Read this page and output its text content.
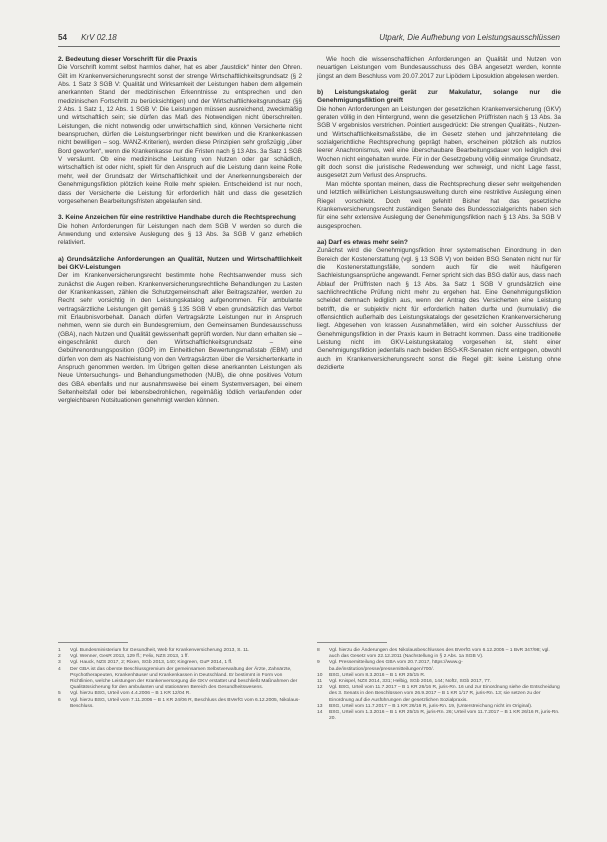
54 KrV 02.18	Utpark, Die Aufhebung von Leistungsausschlüssen
2. Bedeutung dieser Vorschrift für die Praxis

Die Vorschrift kommt selbst harmlos daher, hat es aber „faustdick“ hinter den Ohren. Gilt im Krankenversicherungsrecht sonst der strenge Wirtschaftlichkeitsgrundsatz (§ 2 Abs. 1 Satz 3 SGB V: Qualität und Wirksamkeit der Leistungen haben dem allgemein anerkannten Stand der medizinischen Erkenntnisse zu entsprechen und den medizinischen Fortschritt zu berücksichtigen) und der Wirtschaftlichkeitsgrundsatz (§§ 2 Abs. 1 Satz 1, 12 Abs. 1 SGB V: Die Leistungen müssen ausreichend, zweckmäßig und wirtschaftlich sein; sie dürfen das Maß des Notwendigen nicht überschreiten. Leistungen, die nicht notwendig oder unwirtschaftlich sind, können Versicherte nicht beanspruchen, dürfen die Leistungserbringer nicht bewirken und die Krankenkassen nicht bewilligen – sog. WANZ-Kriterien), werden diese Prinzipien sehr großzügig „über Bord geworfen“, wenn die Krankenkasse nur die Fristen nach § 13 Abs. 3a Satz 1 SGB V versäumt. Ob eine medizinische Leistung von Nutzen oder gar schädlich, wirtschaftlich ist oder nicht, spielt für den Anspruch auf die Leistung dann keine Rolle mehr, weil der Grundsatz der Wirtschaftlichkeit und der Anerkennungsbereich der Genehmigungsfiktion plötzlich keine Rolle mehr spielen. Entscheidend ist nur noch, dass der Versicherte die Leistung für erforderlich hält und dass die gesetzlich vorgesehenen Bearbeitungsfristen abgelaufen sind.

3. Keine Anzeichen für eine restriktive Handhabe durch die Rechtsprechung

Die hohen Anforderungen für Leistungen nach dem SGB V werden so durch die Anwendung und extensive Auslegung des § 13 Abs. 3a SGB V ganz erheblich relativiert.

a) Grundsätzliche Anforderungen an Qualität, Nutzen und Wirtschaftlichkeit bei GKV-Leistungen

Der im Krankenversicherungsrecht bestimmte hohe Rechtsanwender muss sich zunächst die Augen reiben. Krankenversicherungsrechtliche Behandlungen zu Lasten der Krankenkassen, zählen die Schutzgemeinschaft aller Beitragszahler, werden zu Recht sehr vorsichtig in den Leistungskatalog aufgenommen. Für ambulante vertragsärztliche Leistungen gilt gemäß § 135 SGB V eben grundsätzlich das Verbot mit Erlaubnisvorbehalt. Danach dürfen Vertragsärzte Leistungen nur in Anspruch nehmen, wenn sie durch ein Bundesgremium, den Gemeinsamen Bundesausschuss (GBA), nach Nutzen und Qualität gewissenhaft geprüft worden. Nur dann erhalten sie – eingeschränkt durch den Wirtschaftlichkeitsgrundsatz – eine Gebührenordnungsposition (GOP) im Einheitlichen Bewertungsmaßstab (EBM) und dürfen von dem als Nachleistung von den Vertragsärzten über die Versichertenkarte in Anspruch genommen werden. Im Übrigen gelten diese anerkannten Leistungen als Neue Untersuchungs- und Behandlungsmethoden (NUB), die ohne positives Votum des GBA ebenfalls und nur ausnahmsweise bei einem Systemversagen, bei einem Seltenheitsfall oder bei lebensbedrohlichen, regelmäßig tödlich verlaufenden oder vergleichbaren Notsituationen genehmigt werden können.

Wie hoch die wissenschaftlichen Anforderungen an Qualität und Nutzen von neuartigen Leistungen vom Bundesausschuss des GBA angesetzt werden, konnte jüngst an dem Beschluss vom 20.07.2017 zur Lipödem Liposuktion abgelesen werden.

b) Leistungskatalog gerät zur Makulatur, solange nur die Genehmigungsfiktion greift

Die hohen Anforderungen an Leistungen der gesetzlichen Krankenversicherung (GKV) geraten völlig in den Hintergrund, wenn die gesetzlichen Prüffristen nach § 13 Abs. 3a SGB V ergebnislos verstrichen. Pointiert ausgedrückt: Die strengen Qualitäts-, Nutzen- und Wirtschaftlichkeitsmaßstäbe, die im Gesetz stehen und jahrzehntelang die sozialgerichtliche Rechtsprechung geprägt haben, erscheinen plötzlich als nutzlos leerer Anachronismus, weil eine überschaubare Bearbeitungsdauer von lediglich drei Wochen nicht eingehalten wurde. Für in der Gesetzgebung völlig einmalige Grundsatz, gilt doch sonst die juristische Redewendung wer schweigt, und nicht Lage fasst, ausgesetzt zum Verlust des Anspruchs.

Man möchte spontan meinen, dass die Rechtsprechung dieser sehr weitgehenden und letztlich willkürlichen Leistungsausweitung durch eine restriktive Auslegung einen Riegel vorschiebt. Doch weit gefehlt! Bisher hat das gesetzliche Krankenversicherungsrecht zuständigen Senate des Bundessozialgerichts haben sich für eine sehr extensive Auslegung der Genehmigungsfiktion nach § 13 Abs. 3a SGB V ausgesprochen.

aa) Darf es etwas mehr sein?

Zunächst wird die Genehmigungsfiktion ihrer systematischen Einordnung in den Bereich der Kostenerstattung (vgl. § 13 SGB V) von beiden BSG Senaten nicht nur für die Kostenerstattungsfälle, sondern auch für die weit häufigeren Sachleistungsansprüche angewandt. Ferner spricht sich das BSG dafür aus, dass nach Ablauf der Prüffristen nach § 13 Abs. 3a Satz 1 SGB V grundsätzlich eine sachlichrechtliche Prüfung nicht mehr zu ergehen hat. Eine Genehmigungsfiktion scheidet demnach lediglich aus, wenn der Antrag des Versicherten eine Leistung betrifft, die er subjektiv nicht für erforderlich halten durfte und (kumulativ) die offensichtlich außerhalb des Leistungskatalogs der gesetzlichen Krankenversicherung liegt. Abgesehen von krassen Ausnahmefällen, wird ein solcher Ausschluss der Genehmigungsfiktion in der Praxis kaum in Betracht kommen. Dass eine traditionelle Leistung nicht im GKV-Leistungskatalog vorgesehen ist, steht einer Genehmigungsfiktion jedenfalls nach beiden BSG-KR-Senaten nicht entgegen, obwohl auch im Krankenversicherungsrecht sonst die Regel gilt: keine Leistung ohne dezidierte

1	Vgl. Bundesministerium für Gesundheit, Web für Krankenversicherung 2013, S. 11.
2	Vgl. Wenner, GesR 2013, 129 ff.; Felix, NZS 2013, 1 ff.
3	Vgl. Hauck, NZS 2017, 2; Rixen, SGb 2013, 140; Kingreen, GuP 2014, 1 ff.
4	Der GBA ist das oberste Beschlussgremium der gemeinsamen Selbstverwaltung der Ärzte, Zahnärzte, Psychotherapeuten, Krankenhäuser und Krankenkassen in Deutschland. Er bestimmt in Form von Richtlinien, welche Leistungen der Krankenversorgung die GKV erstattet und beschließt Maßnahmen der Qualitätssicherung für den ambulanten und stationären Bereich des Gesundheitswesens.
5	Vgl. hierzu BSG, Urteil vom 4.4.2006 – B 1 KR 12/04 R.
6	Vgl. hierzu BSG, Urteil vom 7.11.2006 – B 1 KR 24/06 R, Beschluss des BVerfG vom 6.12.2005, Nikolaus-Beschluss.
8	Vgl. hierzu die Änderungen des Nikolausbeschlusses des BVerfG vom 6.12.2005 – 1 BvR 347/98; vgl. auch das Gesetz vom 22.12.2011 (Nachstellung in § 2 Abs. 1a SGB V).
9	Vgl. Pressemitteilung des GBA vom 20.7.2017, https://www.g-ba.de/institution/presse/pressemitteilungen/700/.
10	BSG, Urteil vom 8.3.2016 – B 1 KR 25/15 R.
11	Vgl. Knispel, NZS 2014, 331; Helbig, SGb 2016, 144; Noftz, SGb 2017, 77.
12	Vgl. BSG, Urteil vom 11.7.2017 – B 1 KR 26/16 R, juris-Rn. 16 und zur Einordnung siehe die Entscheidung des 3. Senats in den Beschlüssen vom 26.9.2017 – B 1 KR 1/17 R, juris-Rn. 13; sie setzen zu der Einordnung auf die Ausführungen der gesetzlichen Sozialpraxis.
13	BSG, Urteil vom 11.7.2017 – B 1 KR 26/16 R, juris-Rn. 19, (Unterstreichung nicht im Original).
14	BSG, Urteil vom 1.3.2016 – B 1 KR 25/15 R, juris-Rn. 26; Urteil vom 11.7.2017 – B 1 KR 26/16 R, juris-Rn. 20.
